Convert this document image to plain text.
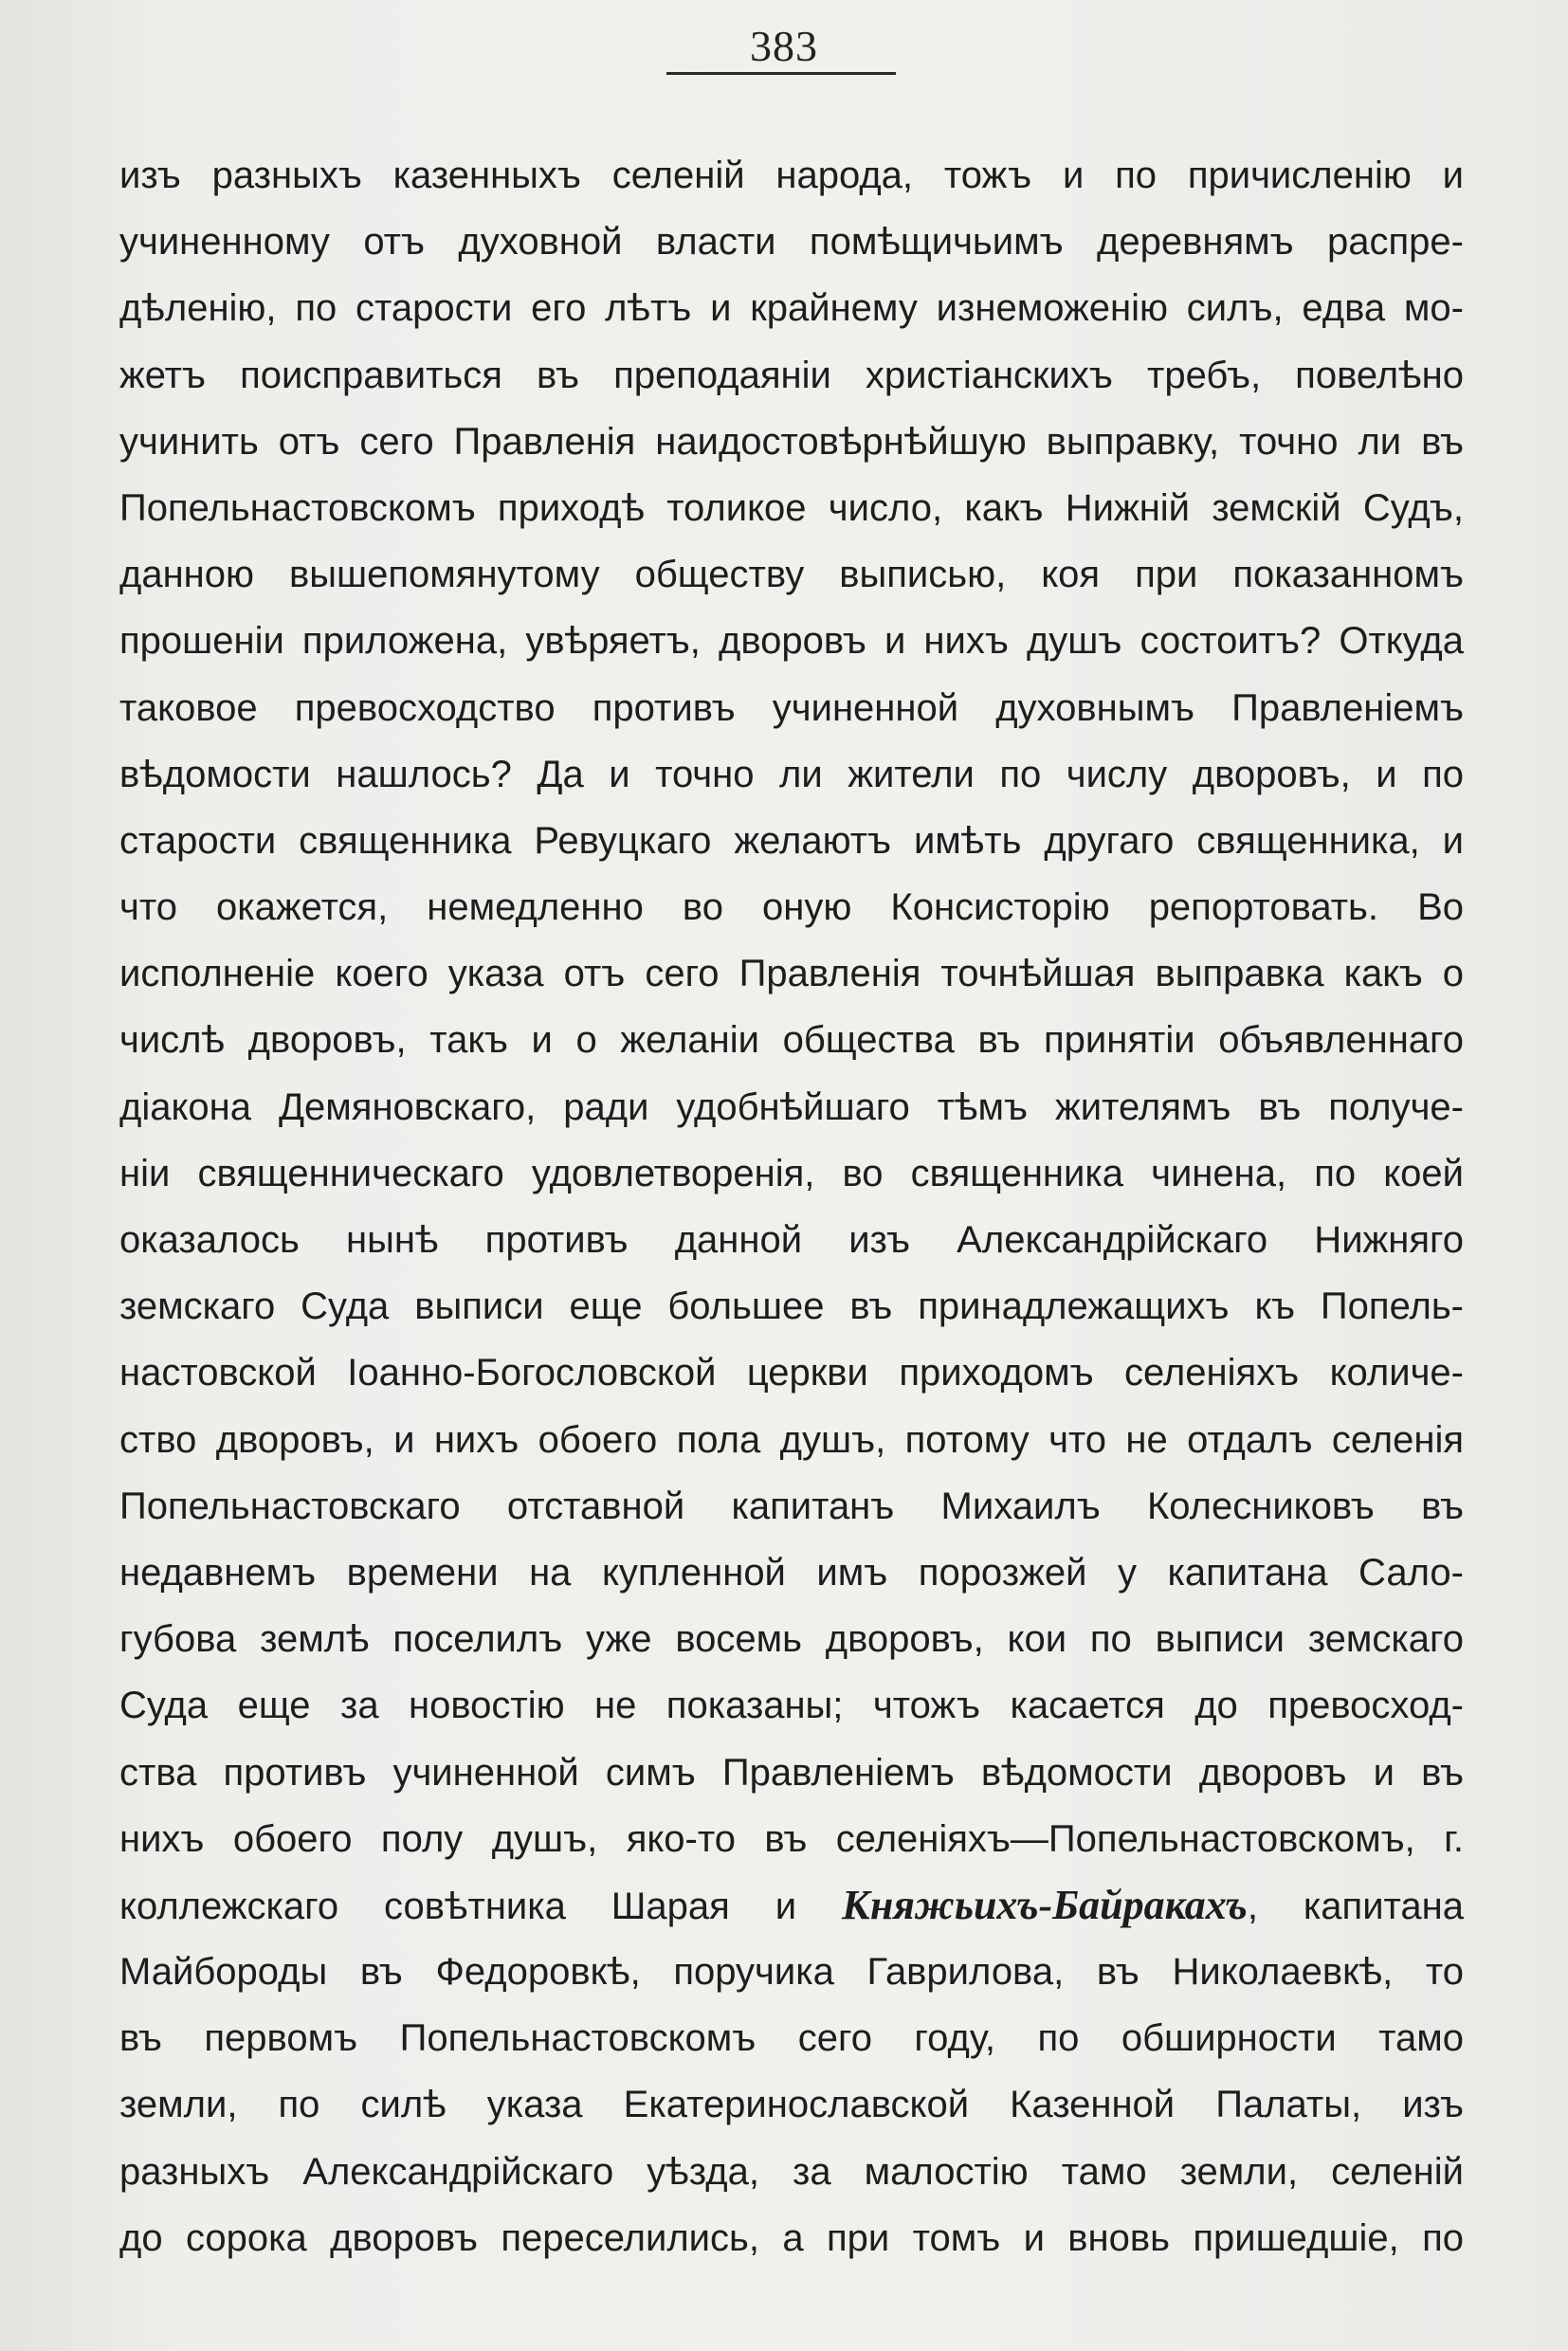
383
изъ разныхъ казенныхъ селеній народа, тожъ и по причисленію и
учиненному отъ духовной власти помѣщичьимъ деревнямъ распре-
дѣленію, по старости его лѣтъ и крайнему изнеможенію силъ, едва мо-
жетъ поисправиться въ преподаяніи христіанскихъ требъ, повелѣно
учинить отъ сего Правленія наидостовѣрнѣйшую выправку, точно ли въ
Попельнастовскомъ приходѣ толикое число, какъ Нижній земскій Судъ,
данною вышепомянутому обществу выписью, коя при показанномъ
прошеніи приложена, увѣряетъ, дворовъ и нихъ душъ состоитъ? Откуда
таковое превосходство противъ учиненной духовнымъ Правленіемъ
вѣдомости нашлось? Да и точно ли жители по числу дворовъ, и по
старости священника Ревуцкаго желаютъ имѣть другаго священника, и
что окажется, немедленно во оную Консисторію репортовать. Во
исполненіе коего указа отъ сего Правленія точнѣйшая выправка какъ о
числѣ дворовъ, такъ и о желаніи общества въ принятіи объявленнаго
діакона Демяновскаго, ради удобнѣйшаго тѣмъ жителямъ въ получе-
ніи священническаго удовлетворенія, во священника чинена, по коей
оказалось нынѣ противъ данной изъ Александрійскаго Нижняго
земскаго Суда выписи еще большее въ принадлежащихъ къ Попель-
настовской Іоанно-Богословской церкви приходомъ селеніяхъ количе-
ство дворовъ, и нихъ обоего пола душъ, потому что не отдалъ селенія
Попельнастовскаго отставной капитанъ Михаилъ Колесниковъ въ
недавнемъ времени на купленной имъ порозжей у капитана Сало-
губова землѣ поселилъ уже восемь дворовъ, кои по выписи земскаго
Суда еще за новостію не показаны; чтожъ касается до превосход-
ства противъ учиненной симъ Правленіемъ вѣдомости дворовъ и въ
нихъ обоего полу душъ, яко-то въ селеніяхъ—Попельнастовскомъ, г.
коллежскаго совѣтника Шарая и Княжьихъ-Байракахъ, капитана
Майбороды въ Федоровкѣ, поручика Гаврилова, въ Николаевкѣ, то
въ первомъ Попельнастовскомъ сего году, по обширности тамо
земли, по силѣ указа Екатеринославской Казенной Палаты, изъ
разныхъ Александрійскаго уѣзда, за малостію тамо земли, селеній
до сорока дворовъ переселились, а при томъ и вновь пришедшіе, по
